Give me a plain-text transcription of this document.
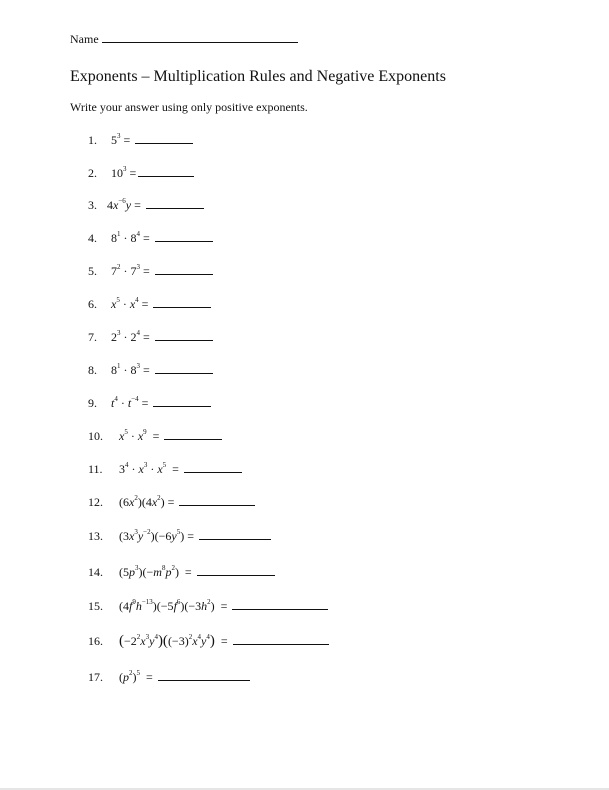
Name
Exponents – Multiplication Rules and Negative Exponents
Write your answer using only positive exponents.
1. $5^3$ =
2. $10^3$ =
3. $4x^{-6}y$ =
4. $8^1 \cdot 8^4$ =
5. $7^2 \cdot 7^3$ =
6. $x^5 \cdot x^4$ =
7. $2^3 \cdot 2^4$ =
8. $8^1 \cdot 8^3$ =
9. $t^4 \cdot t^{-4}$ =
10. $x^5 \cdot x^9$  =
11. $3^4 \cdot x^3 \cdot x^5$  =
12. $(6x^2)(4x^2)$ =
13. $(3x^3y^{-2})(-6y^5)$ =
14. $(5p^3)(-m^8p^2)$  =
15. $(4f^9h^{-13})(-5f^6)(-3h^2)$  =
16. $(-2^2x^3y^4)((-3)^2x^4y^4)$  =
17. $(p^2)^5$  =
